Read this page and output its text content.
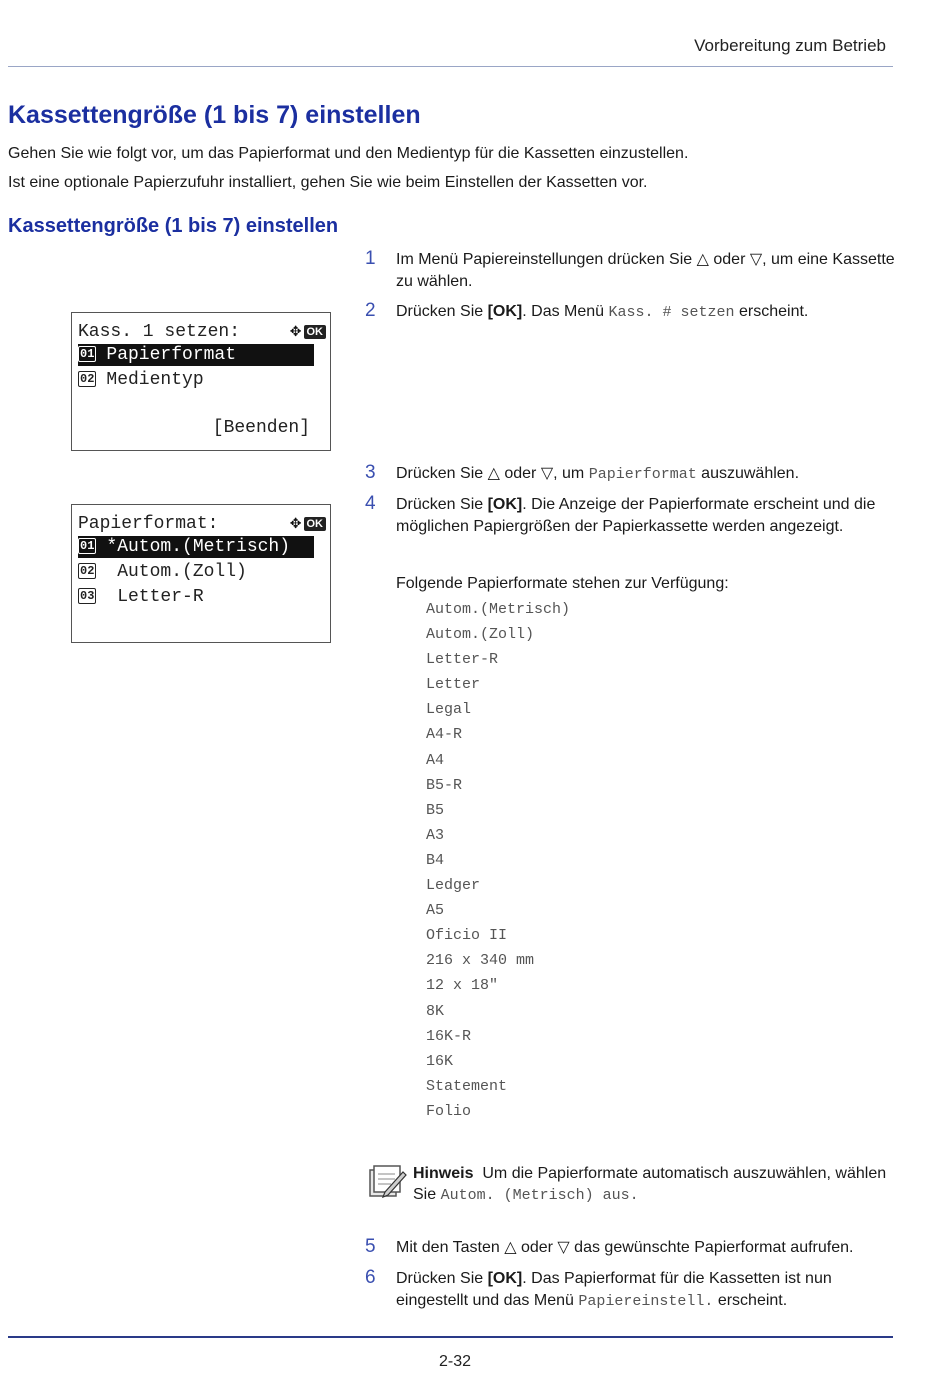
Vorbereitung zum Betrieb
Kassettengröße (1 bis 7) einstellen
Gehen Sie wie folgt vor, um das Papierformat und den Medientyp für die Kassetten einzustellen.
Ist eine optionale Papierzufuhr installiert, gehen Sie wie beim Einstellen der Kassetten vor.
Kassettengröße (1 bis 7) einstellen
1 Im Menü Papiereinstellungen drücken Sie △ oder ▽, um eine Kassette zu wählen.
2 Drücken Sie [OK]. Das Menü Kass. # setzen erscheint.
3 Drücken Sie △ oder ▽, um Papierformat auszuwählen.
4 Drücken Sie [OK]. Die Anzeige der Papierformate erscheint und die möglichen Papiergrößen der Papierkassette werden angezeigt.
Folgende Papierformate stehen zur Verfügung:
Autom.(Metrisch)
Autom.(Zoll)
Letter-R
Letter
Legal
A4-R
A4
B5-R
B5
A3
B4
Ledger
A5
Oficio II
216 x 340 mm
12 x 18"
8K
16K-R
16K
Statement
Folio
Kass. 1 setzen:	✥ OK
01 Papierformat
02 Medientyp
[Beenden]
Papierformat:	✥ OK
01 *Autom.(Metrisch)
02 Autom.(Zoll)
03 Letter-R
Hinweis Um die Papierformate automatisch auszuwählen, wählen Sie Autom. (Metrisch) aus.
5 Mit den Tasten △ oder ▽ das gewünschte Papierformat aufrufen.
6 Drücken Sie [OK]. Das Papierformat für die Kassetten ist nun eingestellt und das Menü Papiereinstell. erscheint.
2-32
